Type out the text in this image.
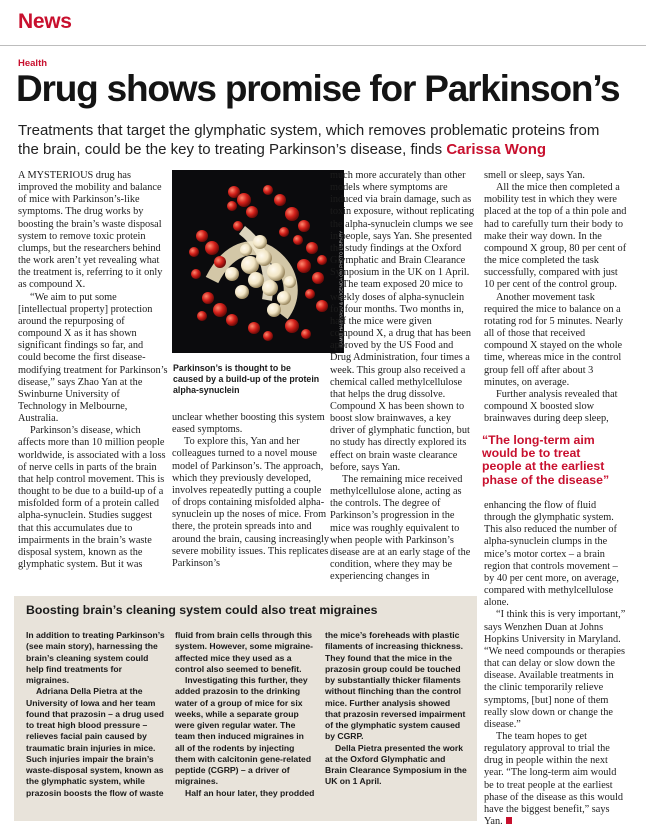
News
Health
Drug shows promise for Parkinson’s
Treatments that target the glymphatic system, which removes problematic proteins from the brain, could be the key to treating Parkinson’s disease, finds Carissa Wong

A MYSTERIOUS drug has improved the mobility and balance of mice with Parkinson’s-like symptoms. The drug works by boosting the brain’s waste disposal system to remove toxic protein clumps, but the researchers behind the work aren’t yet revealing what the treatment is, referring to it only as compound X.

“We aim to put some [intellectual property] protection around the repurposing of compound X as it has shown significant findings so far, and could become the first disease-modifying treatment for Parkinson’s disease,” says Zhao Yan at the Swinburne University of Technology in Melbourne, Australia.

Parkinson’s disease, which affects more than 10 million people worldwide, is associated with a loss of nerve cells in parts of the brain that help control movement. This is thought to be due to a build-up of a misfolded form of a protein called alpha-synuclein. Studies suggest that this accumulates due to impairments in the brain’s waste disposal system, known as the glymphatic system. But it was

KAMIJI HAMAYASU & AVICENCA 000 PHOTO LIBRARY
Parkinson’s is thought to be caused by a build-up of the protein alpha-synuclein

unclear whether boosting this system eased symptoms.

To explore this, Yan and her colleagues turned to a novel mouse model of Parkinson’s. The approach, which they previously developed, involves repeatedly putting a couple of drops containing misfolded alpha-synuclein up the noses of mice. From there, the protein spreads into and around the brain, causing increasingly severe mobility issues. This replicates Parkinson’s

much more accurately than other models where symptoms are induced via brain damage, such as toxin exposure, without replicating the alpha-synuclein clumps we see in people, says Yan. She presented the study findings at the Oxford Glymphatic and Brain Clearance Symposium in the UK on 1 April.

The team exposed 20 mice to weekly doses of alpha-synuclein for four months. Two months in, half the mice were given compound X, a drug that has been approved by the US Food and Drug Administration, four times a week. This group also received a chemical called methylcellulose that helps the drug dissolve. Compound X has been shown to boost slow brainwaves, a key driver of glymphatic function, but no study has directly explored its effect on brain waste clearance before, says Yan.

The remaining mice received methylcellulose alone, acting as the controls. The degree of Parkinson’s progression in the mice was roughly equivalent to when people with Parkinson’s disease are at an early stage of the condition, where they may be experiencing changes in

smell or sleep, says Yan.

All the mice then completed a mobility test in which they were placed at the top of a thin pole and had to carefully turn their body to make their way down. In the compound X group, 80 per cent of the mice completed the task successfully, compared with just 10 per cent of the control group.

Another movement task required the mice to balance on a rotating rod for 5 minutes. Nearly all of those that received compound X stayed on the whole time, whereas mice in the control group fell off after about 3 minutes, on average.

Further analysis revealed that compound X boosted slow brainwaves during deep sleep,

“The long-term aim would be to treat people at the earliest phase of the disease”

enhancing the flow of fluid through the glymphatic system. This also reduced the number of alpha-synuclein clumps in the mice’s motor cortex – a brain region that controls movement – by 40 per cent more, on average, compared with methylcellulose alone.

“I think this is very important,” says Wenzhen Duan at Johns Hopkins University in Maryland. “We need compounds or therapies that can delay or slow down the disease. Available treatments in the clinic temporarily relieve symptoms, [but] none of them really slow down or change the disease.”

The team hopes to get regulatory approval to trial the drug in people within the next year. “The long-term aim would be to treat people at the earliest phase of the disease as this would have the biggest benefit,” says Yan.

Boosting brain’s cleaning system could also treat migraines

In addition to treating Parkinson’s (see main story), harnessing the brain’s cleaning system could help find treatments for migraines.

Adriana Della Pietra at the University of Iowa and her team found that prazosin – a drug used to treat high blood pressure – relieves facial pain caused by traumatic brain injuries in mice. Such injuries impair the brain’s waste-disposal system, known as the glymphatic system, while prazosin boosts the flow of waste

fluid from brain cells through this system. However, some migraine-affected mice they used as a control also seemed to benefit.

Investigating this further, they added prazosin to the drinking water of a group of mice for six weeks, while a separate group were given regular water. The team then induced migraines in all of the rodents by injecting them with calcitonin gene-related peptide (CGRP) – a driver of migraines.

Half an hour later, they prodded

the mice’s foreheads with plastic filaments of increasing thickness. They found that the mice in the prazosin group could be touched by substantially thicker filaments without flinching than the control mice. Further analysis showed that prazosin reversed impairment of the glymphatic system caused by CGRP.

Della Pietra presented the work at the Oxford Glymphatic and Brain Clearance Symposium in the UK on 1 April.
